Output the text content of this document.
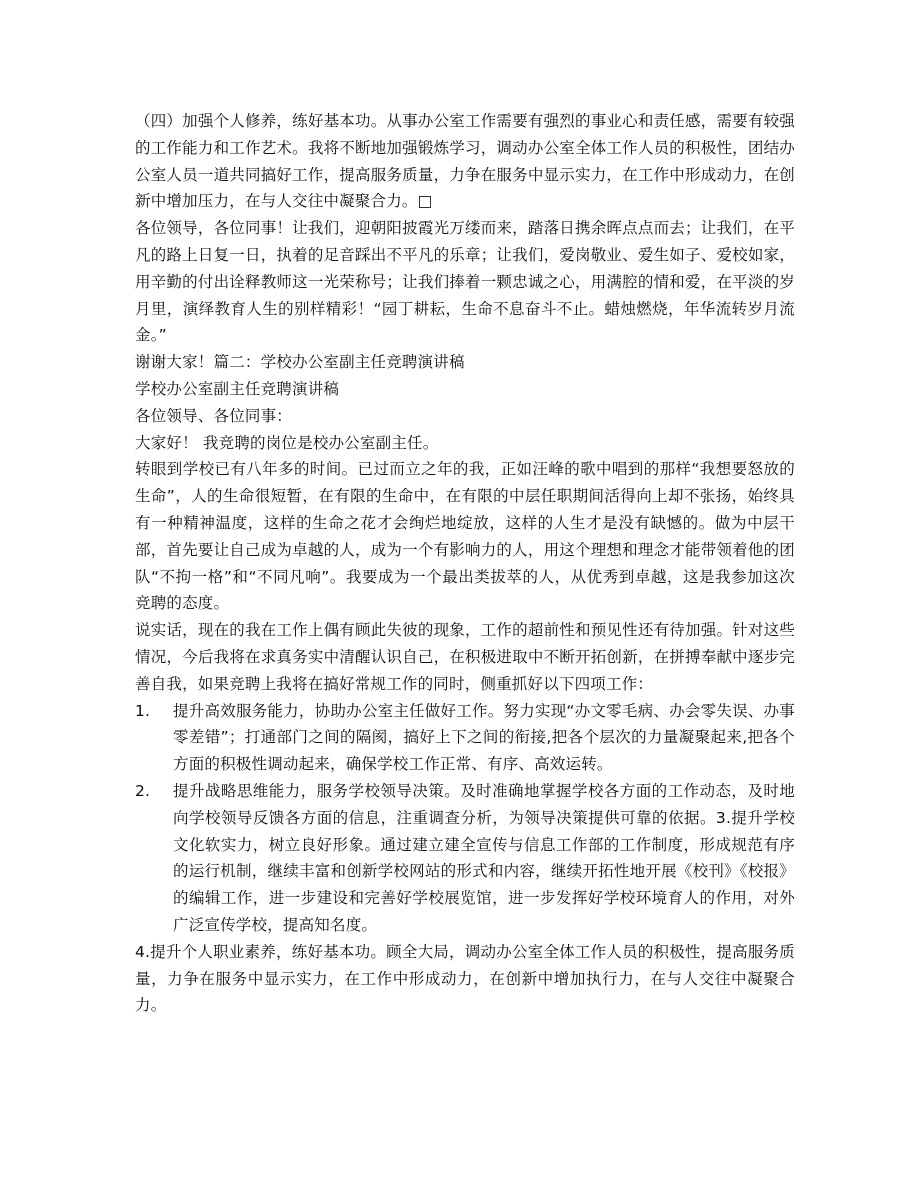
（四）加强个人修养，练好基本功。从事办公室工作需要有强烈的事业心和责任感，需要有较强的工作能力和工作艺术。我将不断地加强锻炼学习，调动办公室全体工作人员的积极性，团结办公室人员一道共同搞好工作，提高服务质量，力争在服务中显示实力，在工作中形成动力，在创新中增加压力，在与人交往中凝聚合力。□

各位领导，各位同事！让我们，迎朝阳披霞光万缕而来，踏落日携余晖点点而去；让我们，在平凡的路上日复一日，执着的足音踩出不平凡的乐章；让我们，爱岗敬业、爱生如子、爱校如家，用辛勤的付出诠释教师这一光荣称号；让我们捧着一颗忠诚之心，用满腔的情和爱，在平淡的岁月里，演绎教育人生的别样精彩！“园丁耕耘，生命不息奋斗不止。蜡烛燃烧，年华流转岁月流金。”

谢谢大家！篇二：学校办公室副主任竞聘演讲稿

学校办公室副主任竞聘演讲稿

各位领导、各位同事：

大家好！ 我竞聘的岗位是校办公室副主任。

转眼到学校已有八年多的时间。已过而立之年的我，正如汪峰的歌中唱到的那样“我想要怒放的生命”，人的生命很短暂，在有限的生命中，在有限的中层任职期间活得向上却不张扬，始终具有一种精神温度，这样的生命之花才会绚烂地绽放，这样的人生才是没有缺憾的。做为中层干部，首先要让自己成为卓越的人，成为一个有影响力的人，用这个理想和理念才能带领着他的团队“不拘一格”和“不同凡响”。我要成为一个最出类拔萃的人，从优秀到卓越，这是我参加这次竞聘的态度。

说实话，现在的我在工作上偶有顾此失彼的现象，工作的超前性和预见性还有待加强。针对这些情况，今后我将在求真务实中清醒认识自己，在积极进取中不断开拓创新，在拼搏奉献中逐步完善自我，如果竞聘上我将在搞好常规工作的同时，侧重抓好以下四项工作：

1.	提升高效服务能力，协助办公室主任做好工作。努力实现“办文零毛病、办会零失误、办事零差错”；打通部门之间的隔阂，搞好上下之间的衔接,把各个层次的力量凝聚起来,把各个方面的积极性调动起来，确保学校工作正常、有序、高效运转。
2.	提升战略思维能力，服务学校领导决策。及时准确地掌握学校各方面的工作动态，及时地向学校领导反馈各方面的信息，注重调查分析，为领导决策提供可靠的依据。3.提升学校文化软实力，树立良好形象。通过建立建全宣传与信息工作部的工作制度，形成规范有序的运行机制，继续丰富和创新学校网站的形式和内容，继续开拓性地开展《校刊》《校报》的编辑工作，进一步建设和完善好学校展览馆，进一步发挥好学校环境育人的作用，对外广泛宣传学校，提高知名度。

4.提升个人职业素养，练好基本功。顾全大局，调动办公室全体工作人员的积极性，提高服务质量，力争在服务中显示实力，在工作中形成动力，在创新中增加执行力，在与人交往中凝聚合力。
